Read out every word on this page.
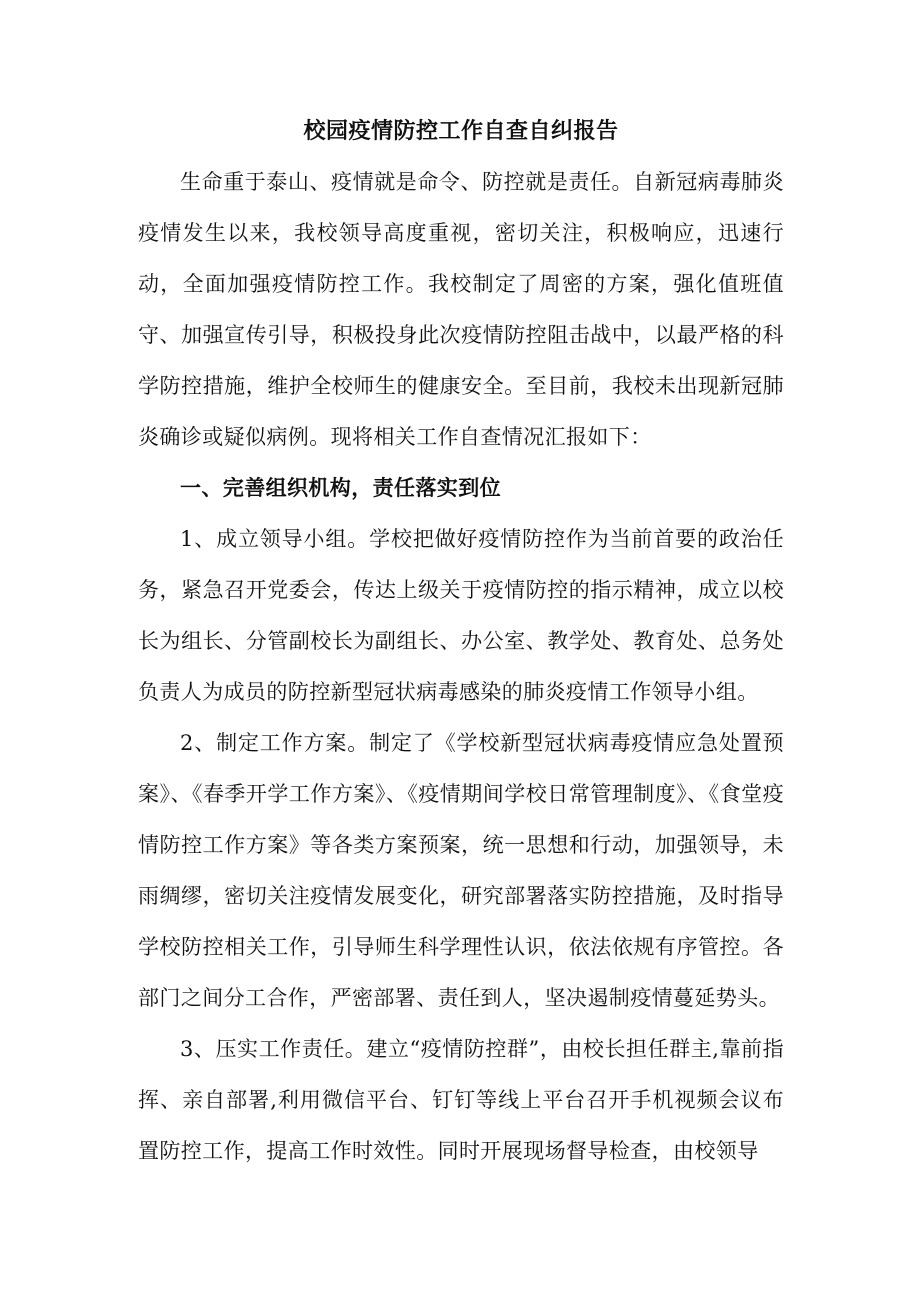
校园疫情防控工作自查自纠报告

生命重于泰山、疫情就是命令、防控就是责任。自新冠病毒肺炎疫情发生以来，我校领导高度重视，密切关注，积极响应，迅速行动，全面加强疫情防控工作。我校制定了周密的方案，强化值班值守、加强宣传引导，积极投身此次疫情防控阻击战中，以最严格的科学防控措施，维护全校师生的健康安全。至目前，我校未出现新冠肺炎确诊或疑似病例。现将相关工作自查情况汇报如下：

一、完善组织机构，责任落实到位

1、成立领导小组。学校把做好疫情防控作为当前首要的政治任务，紧急召开党委会，传达上级关于疫情防控的指示精神，成立以校长为组长、分管副校长为副组长、办公室、教学处、教育处、总务处负责人为成员的防控新型冠状病毒感染的肺炎疫情工作领导小组。

2、制定工作方案。制定了《学校新型冠状病毒疫情应急处置预案》、《春季开学工作方案》、《疫情期间学校日常管理制度》、《食堂疫情防控工作方案》等各类方案预案，统一思想和行动，加强领导，未雨绸缪，密切关注疫情发展变化，研究部署落实防控措施，及时指导学校防控相关工作，引导师生科学理性认识，依法依规有序管控。各部门之间分工合作，严密部署、责任到人，坚决遏制疫情蔓延势头。

3、压实工作责任。建立“疫情防控群”，由校长担任群主,靠前指挥、亲自部署,利用微信平台、钉钉等线上平台召开手机视频会议布置防控工作，提高工作时效性。同时开展现场督导检查，由校领导
